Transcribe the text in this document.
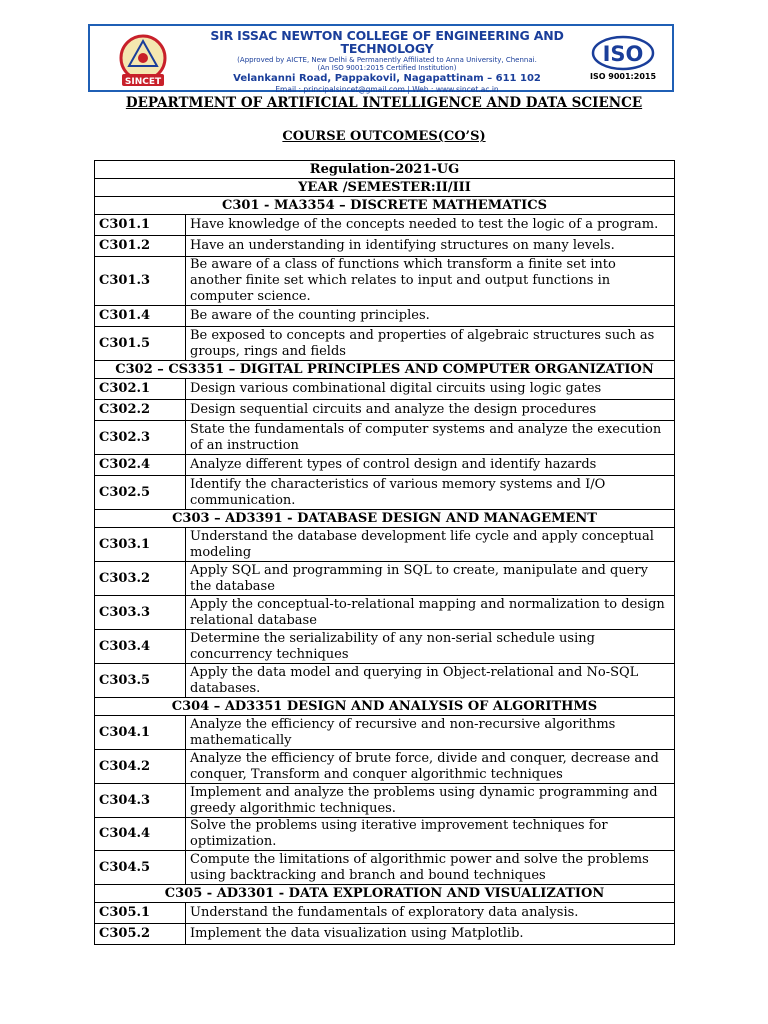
SINCET
SIR ISSAC NEWTON COLLEGE OF ENGINEERING AND TECHNOLOGY
(Approved by AICTE, New Delhi & Permanently Affiliated to Anna University, Chennai.
(An ISO 9001:2015 Certified Institution)
Velankanni Road, Pappakovil, Nagapattinam – 611 102
Email : principalsincet@gmail.com | Web : www.sincet.ac.in
ISO
ISO 9001:2015
DEPARTMENT OF ARTIFICIAL INTELLIGENCE AND DATA SCIENCE
COURSE OUTCOMES(CO’S)
Regulation-2021-UG	
YEAR /SEMESTER:II/III	
C301 - MA3354 – DISCRETE MATHEMATICS	
C301.1	Have knowledge of the concepts needed to test the logic of a program.
C301.2	Have an understanding in identifying structures on many levels.
C301.3	Be aware of a class of functions which transform a finite set into another finite set which relates to input and output functions in computer science.
C301.4	Be aware of the counting principles.
C301.5	Be exposed to concepts and properties of algebraic structures such as groups, rings and fields
C302 – CS3351 – DIGITAL PRINCIPLES AND COMPUTER ORGANIZATION	
C302.1	Design various combinational digital circuits using logic gates
C302.2	Design sequential circuits and analyze the design procedures
C302.3	State the fundamentals of computer systems and analyze the execution of an instruction
C302.4	Analyze different types of control design and identify hazards
C302.5	Identify the characteristics of various memory systems and I/O communication.
C303 – AD3391 - DATABASE DESIGN AND MANAGEMENT	
C303.1	Understand the database development life cycle and apply conceptual modeling
C303.2	Apply SQL and programming in SQL to create, manipulate and query the database
C303.3	Apply the conceptual-to-relational mapping and normalization to design relational database
C303.4	Determine the serializability of any non-serial schedule using concurrency techniques
C303.5	Apply the data model and querying in Object-relational and No-SQL databases.
C304 – AD3351 DESIGN AND ANALYSIS OF ALGORITHMS	
C304.1	Analyze the efficiency of recursive and non-recursive algorithms mathematically
C304.2	Analyze the efficiency of brute force, divide and conquer, decrease and conquer, Transform and conquer algorithmic techniques
C304.3	Implement and analyze the problems using dynamic programming and greedy algorithmic techniques.
C304.4	Solve the problems using iterative improvement techniques for optimization.
C304.5	Compute the limitations of algorithmic power and solve the problems using backtracking and branch and bound techniques
C305 - AD3301 - DATA EXPLORATION AND VISUALIZATION	
C305.1	Understand the fundamentals of exploratory data analysis.
C305.2	Implement the data visualization using Matplotlib.
